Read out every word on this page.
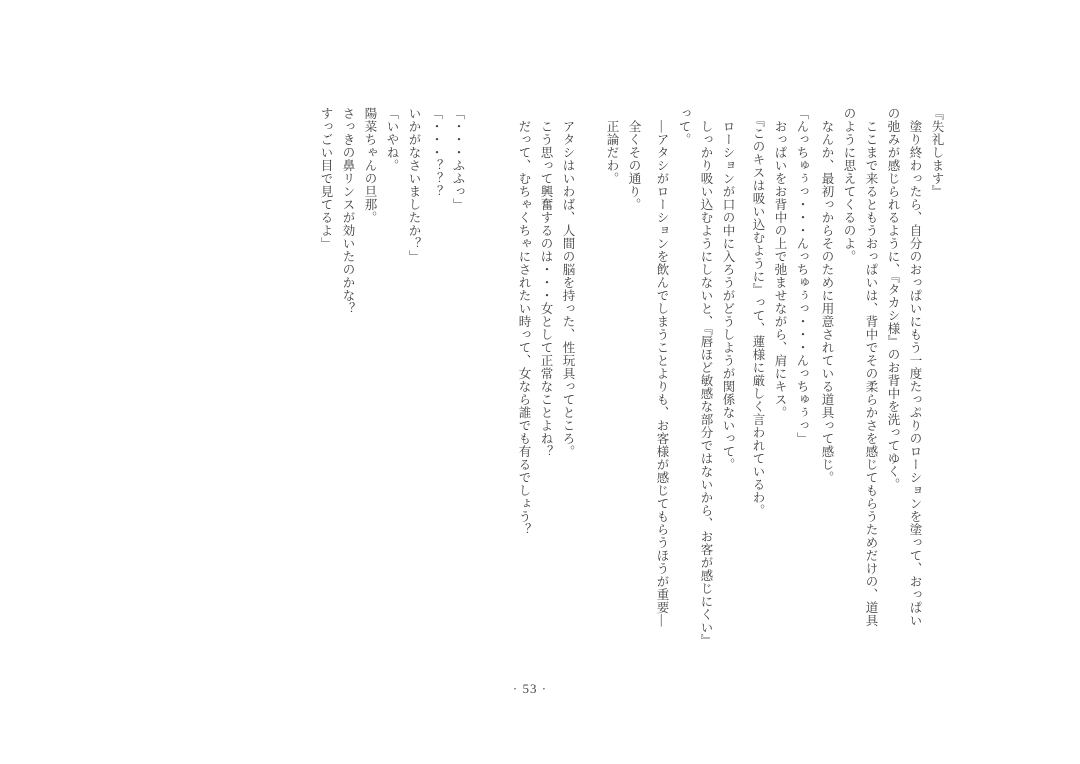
『失礼します』
　塗り終わったら、自分のおっぱいにもう一度たっぷりのローションを塗って、おっぱい
の弛みが感じられるように、『タカシ様』のお背中を洗ってゆく。
　ここまで来るともうおっぱいは、背中でその柔らかさを感じてもらうためだけの、道具
のように思えてくるのよ。
　なんか、最初っからそのために用意されている道具って感じ。
「んっちゅぅっ・・・んっちゅぅっ・・・んっちゅぅっ」
　おっぱいをお背中の上で弛ませながら、肩にキス。
　『このキスは吸い込むように』って、蓮様に厳しく言われているわ。
　ローションが口の中に入ろうがどうしようが関係ないって。
　しっかり吸い込むようにしないと、『唇ほど敏感な部分ではないから、お客が感じにくい』
って。
　―アタシがローションを飲んでしまうことよりも、お客様が感じてもらうほうが重要―
　全くその通り。
　正論だわ。
　アタシはいわば、人間の脳を持った、性玩具ってところ。
　こう思って興奮するのは・・・女として正常なことよね？
　だって、むちゃくちゃにされたい時って、女なら誰でも有るでしょう？
「・・・ふふっ」
「・・・？？？
いかがなさいましたか？」
「いやね。
陽菜ちゃんの旦那。
さっきの鼻リンスが効いたのかな？
すっごい目で見てるよ」
· 53 ·
